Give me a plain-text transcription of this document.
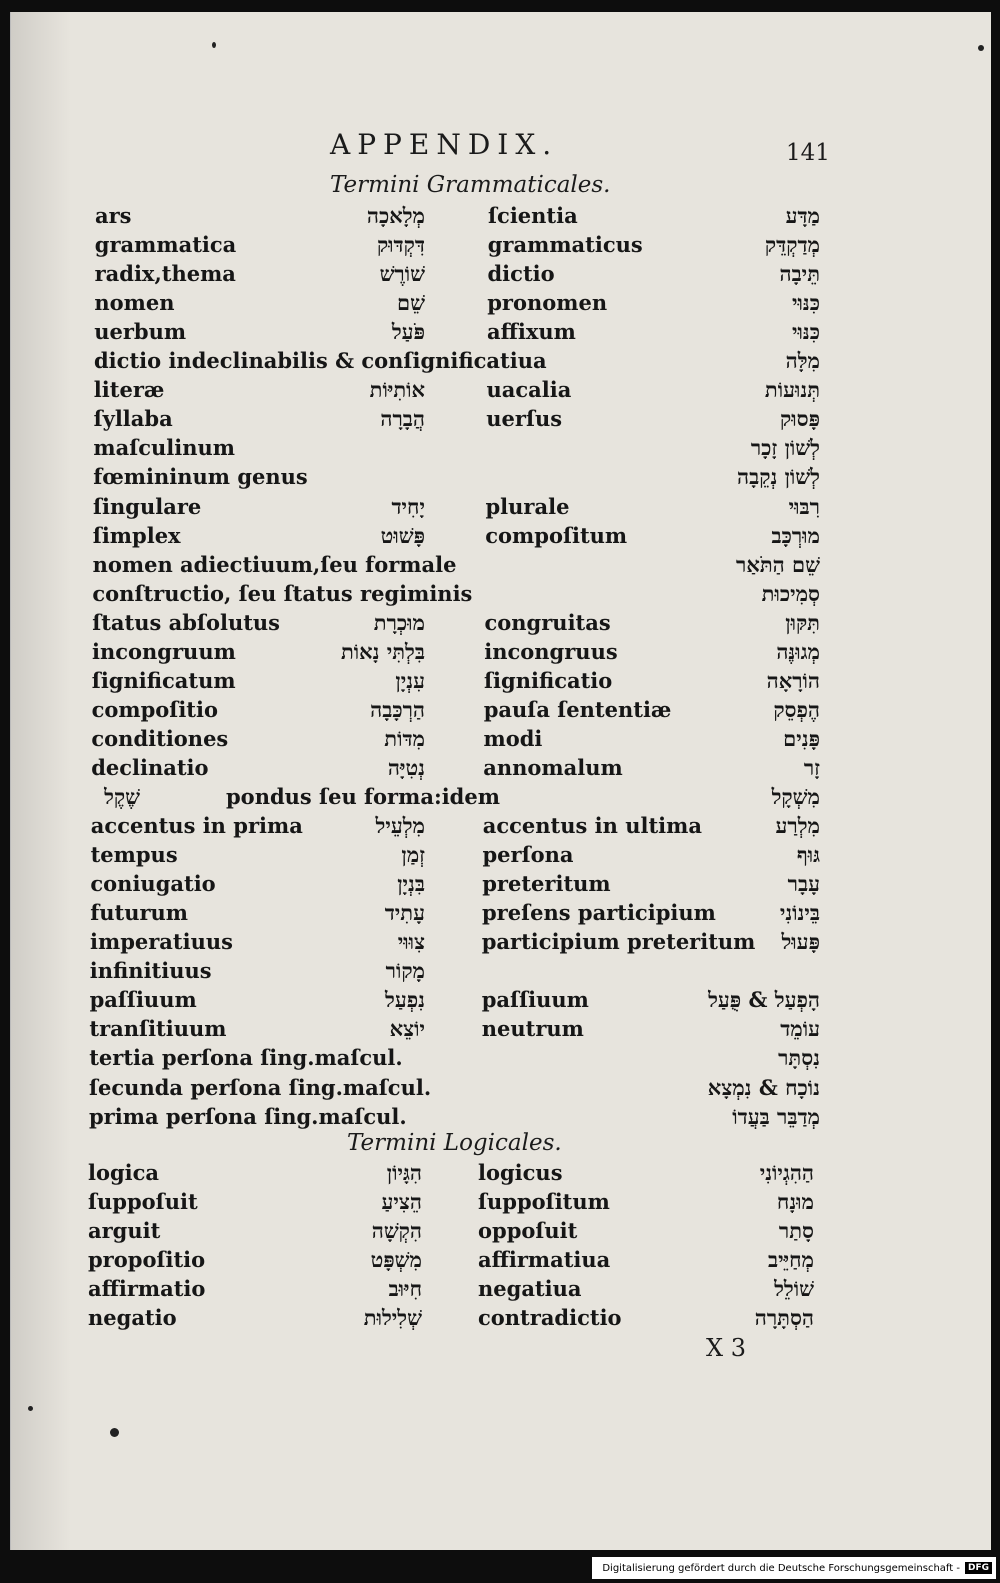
APPENDIX.	141
Termini Grammaticales.
Termini Logicales.
ars	מְלָאכָה	ſcientia	מַדָּע
grammatica	דִּקְדּוּק	grammaticus	מְדַקְדֵּק
radix,thema	שׁוֹרֶשׁ	dictio	תֵּיבָה
nomen	שֵׁם	pronomen	כִּנּוּי
uerbum	פֹּעַל	affixum	כִּנּוּי
dictio indeclinabilis & conſignificatiua	מִלָּה
literæ	אוֹתִיּוֹת	uacalia	תְּנוּעוֹת
ſyllaba	הֲבָרָה	uerſus	פָּסוּק
maſculinum	לְשׁוֹן זָכָר
fœmininum genus	לְשׁוֹן נְקֵבָה
ſingulare	יָחִיד	plurale	רִבּוּי
ſimplex	פָּשׁוּט	compoſitum	מוּרְכָּב
nomen adiectiuum,ſeu formale	שֵׁם הַתֹּאַר
conſtructio, ſeu ſtatus regiminis	סְמִיכוּת
ſtatus abſolutus	מוּכְרָת	congruitas	תִּקּוּן
incongruum	בִּלְתִּי נָאוֹת	incongruus	מְגוּנֶּה
ſignificatum	עִנְיָן	ſignificatio	הוֹרָאָה
compoſitio	הַרְכָּבָה	pauſa ſententiæ	הֶפְסֵק
conditiones	מִדּוֹת	modi	פָּנִים
declinatio	נְטִיָּה	annomalum	זָר
שֶׁקֶל	pondus ſeu forma:idem	מִשְׁקָל
accentus in prima	מִלְעֵיל	accentus in ultima	מִלְרַע
tempus	זְמַן	perſona	גּוּף
coniugatio	בִּנְיָן	preteritum	עָבָר
futurum	עָתִיד	preſens participium	בֵּינוֹנִי
imperatiuus	צִוּוּי	participium preteritum פָּעוּל
infinitiuus	מָקוֹר
paſſiuum	נִפְעַל	paſſiuum	הָפְעַל & פֻּעַל
tranſitiuum	יוֹצֵא	neutrum	עוֹמֵד
tertia perſona ſing.maſcul.	נִסְתָּר
ſecunda perſona ſing.maſcul.	נוֹכָח & נִמְצָא
prima perſona ſing.maſcul.	מְדַבֵּר בַּעֲדוֹ
logica	הִגָּיוֹן	logicus	הַהִגְיוֹנִי
ſuppoſuit	הֵצִיעַ	ſuppoſitum	מוּנָח
arguit	הִקְשָׁה	oppoſuit	סָתַר
propoſitio	מִשְׁפָּט	affirmatiua	מְחַיֵּיב
affirmatio	חִיּוּב	negatiua	שׁוֹלֵל
negatio	שְׁלִילוּת	contradictio	הַסְתָּרָה
X 3
Digitalisierung gefördert durch die Deutsche Forschungsgemeinschaft - DFG
